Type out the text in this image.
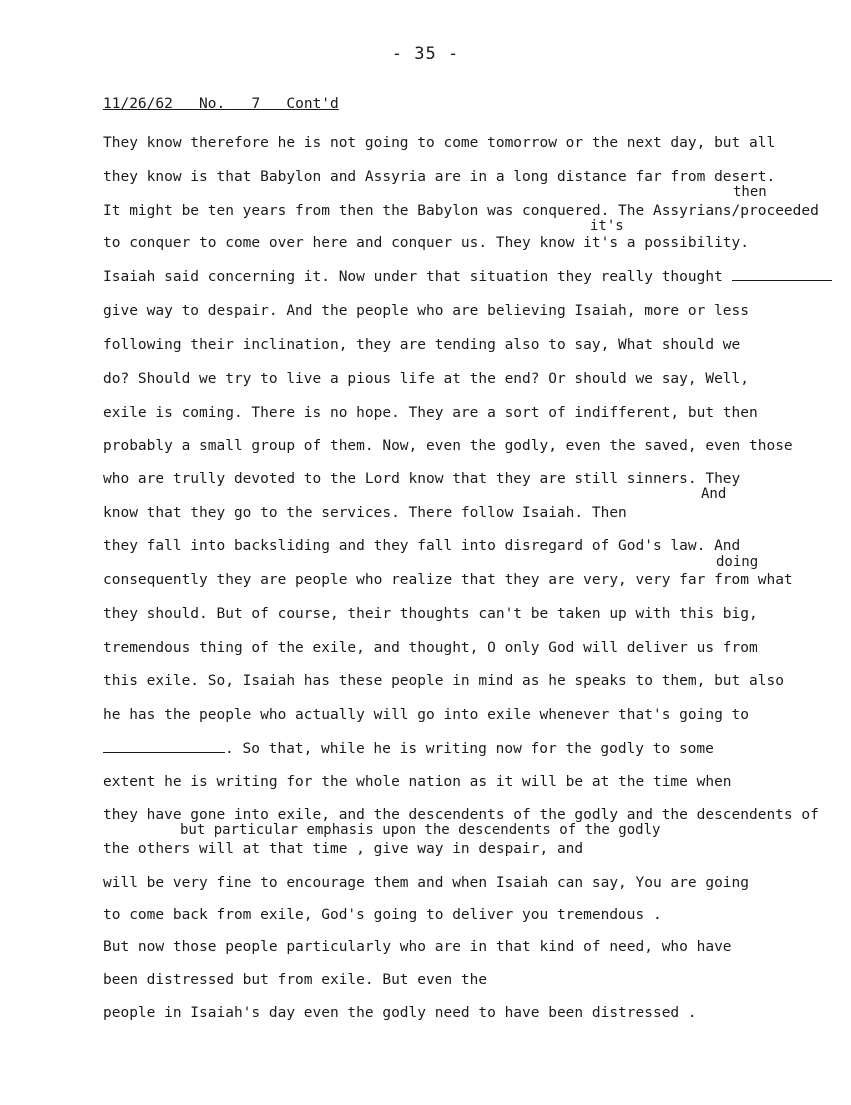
- 35 -
11/26/62 No. 7 Cont'd
then
it's
And
doing
but particular emphasis upon the descendents of the godly
They know therefore he is not going to come tomorrow or the next day, but all
they know is that Babylon and Assyria are in a long distance far from desert.
It might be ten years from then the Babylon was conquered. The Assyrians/proceeded
to conquer to come over here and conquer us. They know it's a possibility.
Isaiah said concerning it. Now under that situation they really thought
give way to despair. And the people who are believing Isaiah, more or less
following their inclination, they are tending also to say, What should we
do? Should we try to live a pious life at the end? Or should we say, Well,
exile is coming. There is no hope. They are a sort of indifferent, but then
probably a small group of them. Now, even the godly, even the saved, even those
who are trully devoted to the Lord know that they are still sinners. They
know that they go to the services. There follow Isaiah. Then
they fall into backsliding and they fall into disregard of God's law. And
consequently they are people who realize that they are very, very far from what
they should. But of course, their thoughts can't be taken up with this big,
tremendous thing of the exile, and thought, O only God will deliver us from
this exile. So, Isaiah has these people in mind as he speaks to them, but also
he has the people who actually will go into exile whenever that's going to
. So that, while he is writing now for the godly to some
extent he is writing for the whole nation as it will be at the time when
they have gone into exile, and the descendents of the godly and the descendents of
the others will at that time , give way in despair, and
will be very fine to encourage them and when Isaiah can say, You are going
to come back from exile, God's going to deliver you tremendous .
But now those people particularly who are in that kind of need, who have
been distressed but from exile. But even the
people in Isaiah's day even the godly need to have been distressed .
